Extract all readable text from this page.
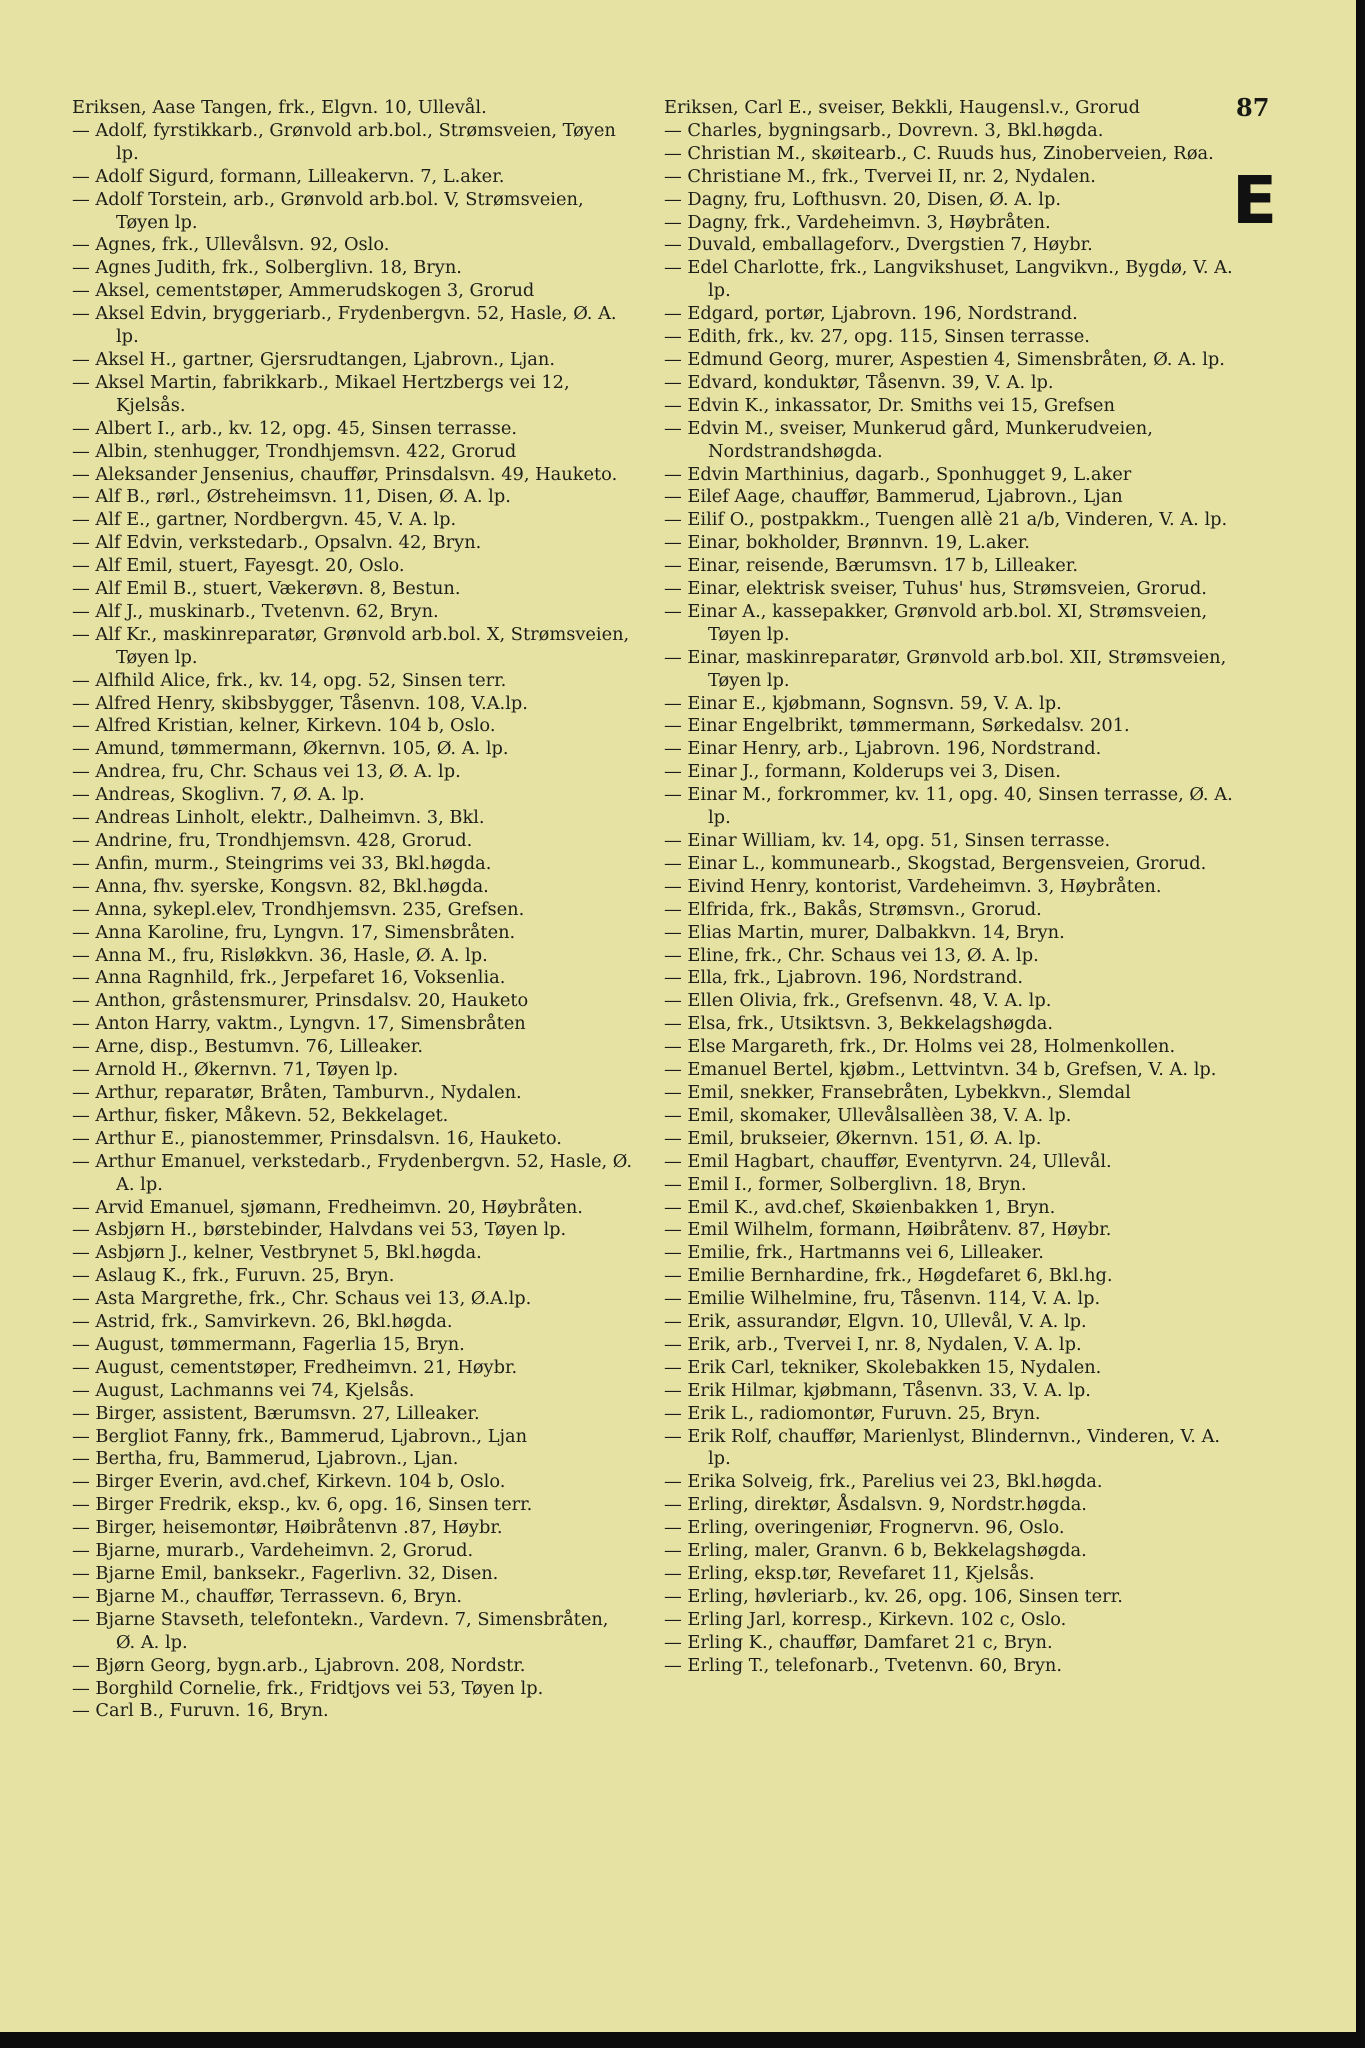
Eriksen, Aase Tangen, frk., Elgvn. 10, Ullevål.

— Adolf, fyrstikkarb., Grønvold arb.bol., Strømsveien, Tøyen lp.

— Adolf Sigurd, formann, Lilleakervn. 7, L.aker.

— Adolf Torstein, arb., Grønvold arb.bol. V, Strømsveien, Tøyen lp.

— Agnes, frk., Ullevålsvn. 92, Oslo.

— Agnes Judith, frk., Solberglivn. 18, Bryn.

— Aksel, cementstøper, Ammerudskogen 3, Grorud

— Aksel Edvin, bryggeriarb., Frydenbergvn. 52, Hasle, Ø. A. lp.

— Aksel H., gartner, Gjersrudtangen, Ljabrovn., Ljan.

— Aksel Martin, fabrikkarb., Mikael Hertzbergs vei 12, Kjelsås.

— Albert I., arb., kv. 12, opg. 45, Sinsen terrasse.

— Albin, stenhugger, Trondhjemsvn. 422, Grorud

— Aleksander Jensenius, chauffør, Prinsdalsvn. 49, Hauketo.

— Alf B., rørl., Østreheimsvn. 11, Disen, Ø. A. lp.

— Alf E., gartner, Nordbergvn. 45, V. A. lp.

— Alf Edvin, verkstedarb., Opsalvn. 42, Bryn.

— Alf Emil, stuert, Fayesgt. 20, Oslo.

— Alf Emil B., stuert, Vækerøvn. 8, Bestun.

— Alf J., muskinarb., Tvetenvn. 62, Bryn.

— Alf Kr., maskinreparatør, Grønvold arb.bol. X, Strømsveien, Tøyen lp.

— Alfhild Alice, frk., kv. 14, opg. 52, Sinsen terr.

— Alfred Henry, skibsbygger, Tåsenvn. 108, V.A.lp.

— Alfred Kristian, kelner, Kirkevn. 104 b, Oslo.

— Amund, tømmermann, Økernvn. 105, Ø. A. lp.

— Andrea, fru, Chr. Schaus vei 13, Ø. A. lp.

— Andreas, Skoglivn. 7, Ø. A. lp.

— Andreas Linholt, elektr., Dalheimvn. 3, Bkl.

— Andrine, fru, Trondhjemsvn. 428, Grorud.

— Anfin, murm., Steingrims vei 33, Bkl.høgda.

— Anna, fhv. syerske, Kongsvn. 82, Bkl.høgda.

— Anna, sykepl.elev, Trondhjemsvn. 235, Grefsen.

— Anna Karoline, fru, Lyngvn. 17, Simensbråten.

— Anna M., fru, Risløkkvn. 36, Hasle, Ø. A. lp.

— Anna Ragnhild, frk., Jerpefaret 16, Voksenlia.

— Anthon, gråstensmurer, Prinsdalsv. 20, Hauketo

— Anton Harry, vaktm., Lyngvn. 17, Simensbråten

— Arne, disp., Bestumvn. 76, Lilleaker.

— Arnold H., Økernvn. 71, Tøyen lp.

— Arthur, reparatør, Bråten, Tamburvn., Nydalen.

— Arthur, fisker, Måkevn. 52, Bekkelaget.

— Arthur E., pianostemmer, Prinsdalsvn. 16, Hauketo.

— Arthur Emanuel, verkstedarb., Frydenbergvn. 52, Hasle, Ø. A. lp.

— Arvid Emanuel, sjømann, Fredheimvn. 20, Høybråten.

— Asbjørn H., børstebinder, Halvdans vei 53, Tøyen lp.

— Asbjørn J., kelner, Vestbrynet 5, Bkl.høgda.

— Aslaug K., frk., Furuvn. 25, Bryn.

— Asta Margrethe, frk., Chr. Schaus vei 13, Ø.A.lp.

— Astrid, frk., Samvirkevn. 26, Bkl.høgda.

— August, tømmermann, Fagerlia 15, Bryn.

— August, cementstøper, Fredheimvn. 21, Høybr.

— August, Lachmanns vei 74, Kjelsås.

— Birger, assistent, Bærumsvn. 27, Lilleaker.

— Bergliot Fanny, frk., Bammerud, Ljabrovn., Ljan

— Bertha, fru, Bammerud, Ljabrovn., Ljan.

— Birger Everin, avd.chef, Kirkevn. 104 b, Oslo.

— Birger Fredrik, eksp., kv. 6, opg. 16, Sinsen terr.

— Birger, heisemontør, Høibråtenvn .87, Høybr.

— Bjarne, murarb., Vardeheimvn. 2, Grorud.

— Bjarne Emil, banksekr., Fagerlivn. 32, Disen.

— Bjarne M., chauffør, Terrassevn. 6, Bryn.

— Bjarne Stavseth, telefontekn., Vardevn. 7, Simensbråten, Ø. A. lp.

— Bjørn Georg, bygn.arb., Ljabrovn. 208, Nordstr.

— Borghild Cornelie, frk., Fridtjovs vei 53, Tøyen lp.

— Carl B., Furuvn. 16, Bryn.

Eriksen, Carl E., sveiser, Bekkli, Haugensl.v., Grorud

— Charles, bygningsarb., Dovrevn. 3, Bkl.høgda.

— Christian M., skøitearb., C. Ruuds hus, Zinoberveien, Røa.

— Christiane M., frk., Tvervei II, nr. 2, Nydalen.

— Dagny, fru, Lofthusvn. 20, Disen, Ø. A. lp.

— Dagny, frk., Vardeheimvn. 3, Høybråten.

— Duvald, emballageforv., Dvergstien 7, Høybr.

— Edel Charlotte, frk., Langvikshuset, Langvikvn., Bygdø, V. A. lp.

— Edgard, portør, Ljabrovn. 196, Nordstrand.

— Edith, frk., kv. 27, opg. 115, Sinsen terrasse.

— Edmund Georg, murer, Aspestien 4, Simensbråten, Ø. A. lp.

— Edvard, konduktør, Tåsenvn. 39, V. A. lp.

— Edvin K., inkassator, Dr. Smiths vei 15, Grefsen

— Edvin M., sveiser, Munkerud gård, Munkerudveien, Nordstrandshøgda.

— Edvin Marthinius, dagarb., Sponhugget 9, L.aker

— Eilef Aage, chauffør, Bammerud, Ljabrovn., Ljan

— Eilif O., postpakkm., Tuengen allè 21 a/b, Vinderen, V. A. lp.

— Einar, bokholder, Brønnvn. 19, L.aker.

— Einar, reisende, Bærumsvn. 17 b, Lilleaker.

— Einar, elektrisk sveiser, Tuhus' hus, Strømsveien, Grorud.

— Einar A., kassepakker, Grønvold arb.bol. XI, Strømsveien, Tøyen lp.

— Einar, maskinreparatør, Grønvold arb.bol. XII, Strømsveien, Tøyen lp.

— Einar E., kjøbmann, Sognsvn. 59, V. A. lp.

— Einar Engelbrikt, tømmermann, Sørkedalsv. 201.

— Einar Henry, arb., Ljabrovn. 196, Nordstrand.

— Einar J., formann, Kolderups vei 3, Disen.

— Einar M., forkrommer, kv. 11, opg. 40, Sinsen terrasse, Ø. A. lp.

— Einar William, kv. 14, opg. 51, Sinsen terrasse.

— Einar L., kommunearb., Skogstad, Bergensveien, Grorud.

— Eivind Henry, kontorist, Vardeheimvn. 3, Høybråten.

— Elfrida, frk., Bakås, Strømsvn., Grorud.

— Elias Martin, murer, Dalbakkvn. 14, Bryn.

— Eline, frk., Chr. Schaus vei 13, Ø. A. lp.

— Ella, frk., Ljabrovn. 196, Nordstrand.

— Ellen Olivia, frk., Grefsenvn. 48, V. A. lp.

— Elsa, frk., Utsiktsvn. 3, Bekkelagshøgda.

— Else Margareth, frk., Dr. Holms vei 28, Holmenkollen.

— Emanuel Bertel, kjøbm., Lettvintvn. 34 b, Grefsen, V. A. lp.

— Emil, snekker, Fransebråten, Lybekkvn., Slemdal

— Emil, skomaker, Ullevålsallèen 38, V. A. lp.

— Emil, brukseier, Økernvn. 151, Ø. A. lp.

— Emil Hagbart, chauffør, Eventyrvn. 24, Ullevål.

— Emil I., former, Solberglivn. 18, Bryn.

— Emil K., avd.chef, Skøienbakken 1, Bryn.

— Emil Wilhelm, formann, Høibråtenv. 87, Høybr.

— Emilie, frk., Hartmanns vei 6, Lilleaker.

— Emilie Bernhardine, frk., Høgdefaret 6, Bkl.hg.

— Emilie Wilhelmine, fru, Tåsenvn. 114, V. A. lp.

— Erik, assurandør, Elgvn. 10, Ullevål, V. A. lp.

— Erik, arb., Tvervei I, nr. 8, Nydalen, V. A. lp.

— Erik Carl, tekniker, Skolebakken 15, Nydalen.

— Erik Hilmar, kjøbmann, Tåsenvn. 33, V. A. lp.

— Erik L., radiomontør, Furuvn. 25, Bryn.

— Erik Rolf, chauffør, Marienlyst, Blindernvn., Vinderen, V. A. lp.

— Erika Solveig, frk., Parelius vei 23, Bkl.høgda.

— Erling, direktør, Åsdalsvn. 9, Nordstr.høgda.

— Erling, overingeniør, Frognervn. 96, Oslo.

— Erling, maler, Granvn. 6 b, Bekkelagshøgda.

— Erling, eksp.tør, Revefaret 11, Kjelsås.

— Erling, høvleriarb., kv. 26, opg. 106, Sinsen terr.

— Erling Jarl, korresp., Kirkevn. 102 c, Oslo.

— Erling K., chauffør, Damfaret 21 c, Bryn.

— Erling T., telefonarb., Tvetenvn. 60, Bryn.

87
E
